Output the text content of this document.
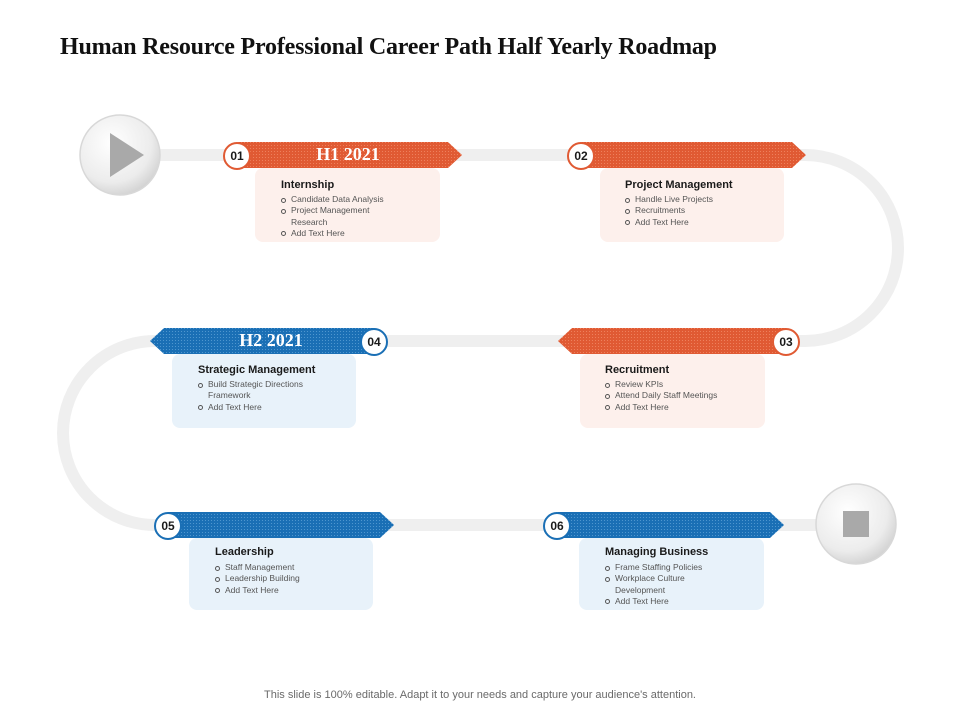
Human Resource Professional Career Path Half Yearly Roadmap
H1 2021
H2 2021
01	02
03
04
05	06
Internship
Candidate Data Analysis
Project Management Research
Add Text Here
Project Management
Handle Live Projects
Recruitments
Add Text Here
Recruitment
Review KPIs
Attend Daily Staff Meetings
Add Text Here
Strategic Management
Build Strategic Directions Framework
Add Text Here
Leadership
Staff Management
Leadership Building
Add Text Here
Managing Business
Frame Staffing Policies
Workplace Culture Development
Add Text Here
This slide is 100% editable. Adapt it to your needs and capture your audience's attention.
